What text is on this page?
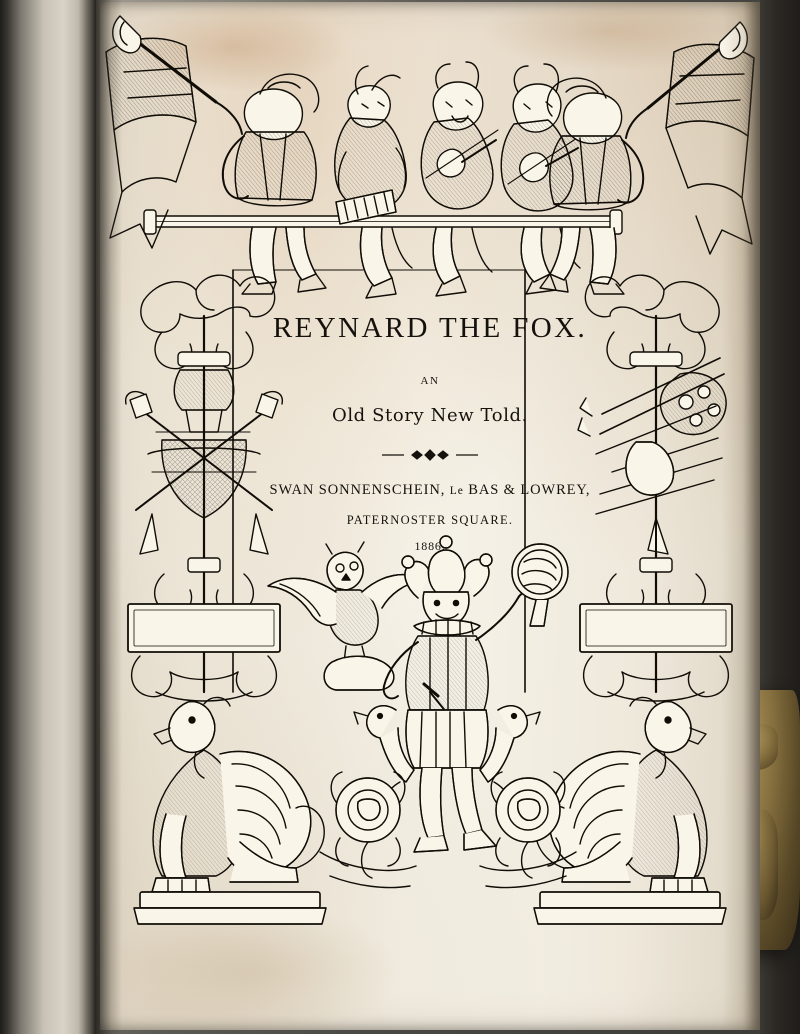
REYNARD THE FOX.
AN
Old Story New Told.
SWAN SONNENSCHEIN, Le BAS & LOWREY,
PATERNOSTER SQUARE.
1886.
